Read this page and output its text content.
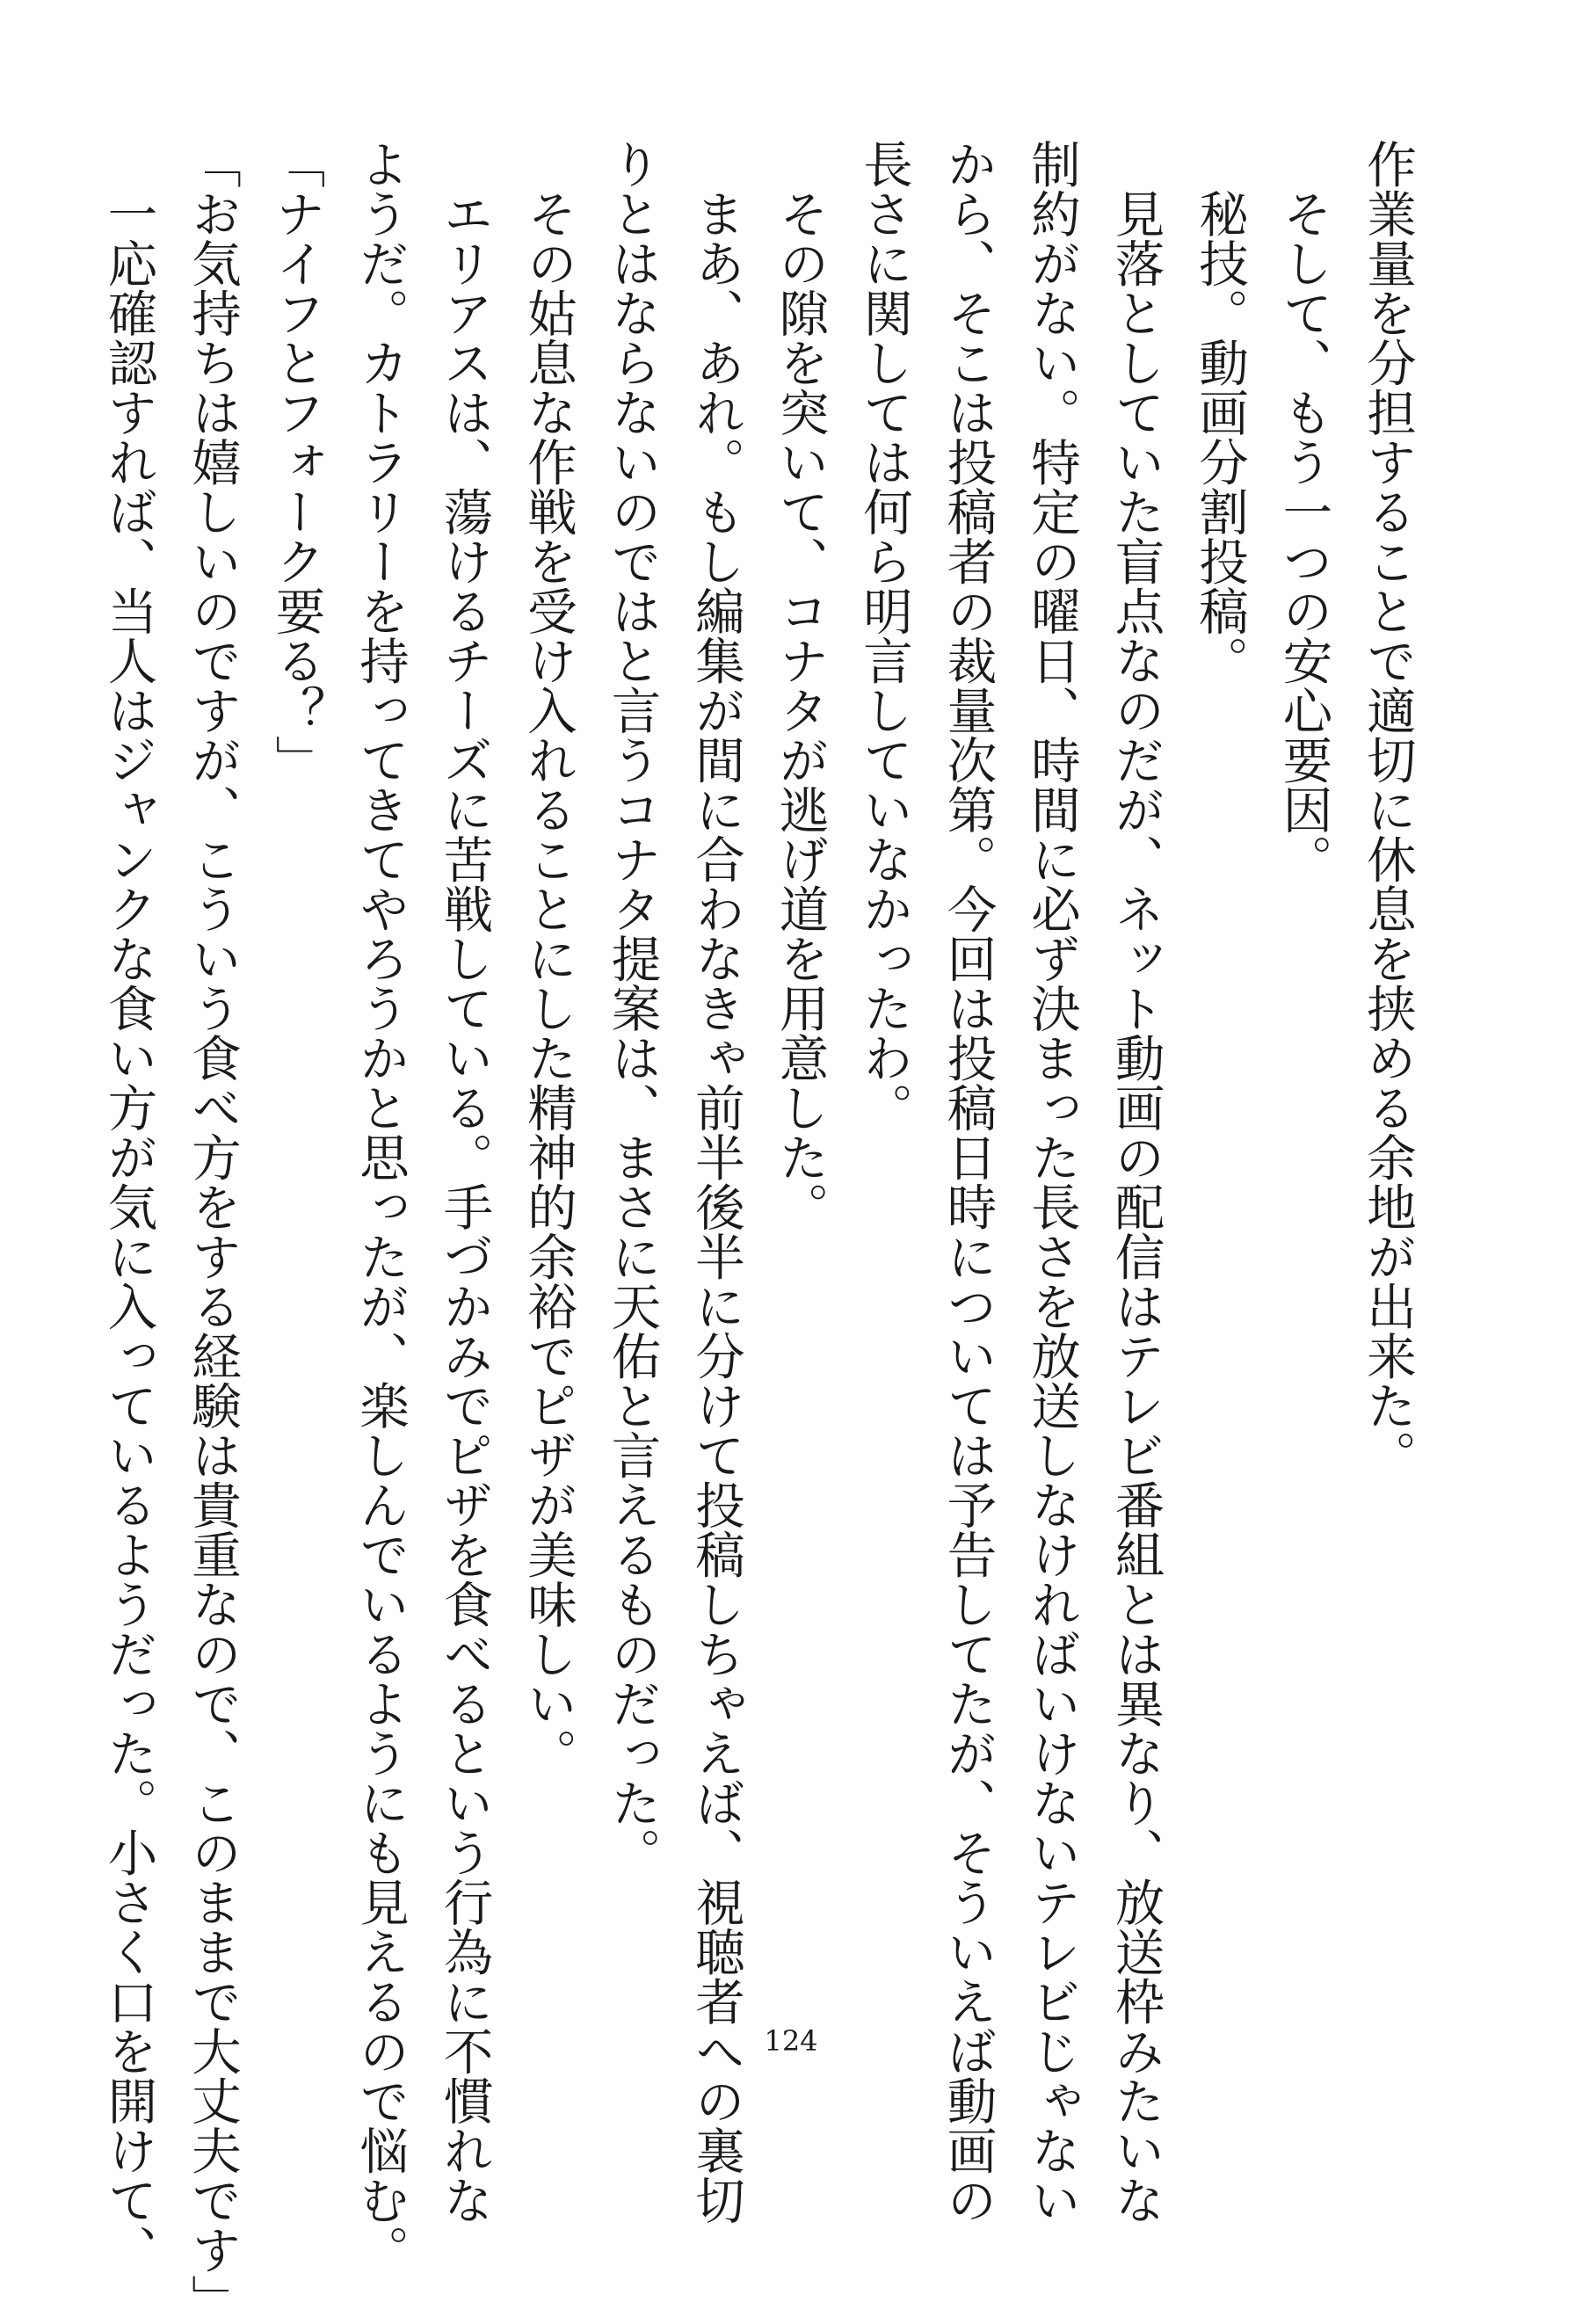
作業量を分担することで適切に休息を挟める余地が出来た。

　そして、もう一つの安心要因。

　秘技。動画分割投稿。

　見落としていた盲点なのだが、ネット動画の配信はテレビ番組とは異なり、放送枠みたいな

制約がない。特定の曜日、時間に必ず決まった長さを放送しなければいけないテレビじゃない

から、そこは投稿者の裁量次第。今回は投稿日時については予告してたが、そういえば動画の

長さに関しては何ら明言していなかったわ。

　その隙を突いて、コナタが逃げ道を用意した。

　まあ、あれ。もし編集が間に合わなきゃ前半後半に分けて投稿しちゃえば、視聴者への裏切

りとはならないのではと言うコナタ提案は、まさに天佑と言えるものだった。

　その姑息な作戦を受け入れることにした精神的余裕でピザが美味しい。

　エリアスは、蕩けるチーズに苦戦している。手づかみでピザを食べるという行為に不慣れな

ようだ。カトラリーを持ってきてやろうかと思ったが、楽しんでいるようにも見えるので悩む。

「ナイフとフォーク要る？」

「お気持ちは嬉しいのですが、こういう食べ方をする経験は貴重なので、このままで大丈夫です」

　一応確認すれば、当人はジャンクな食い方が気に入っているようだった。小さく口を開けて、	124
